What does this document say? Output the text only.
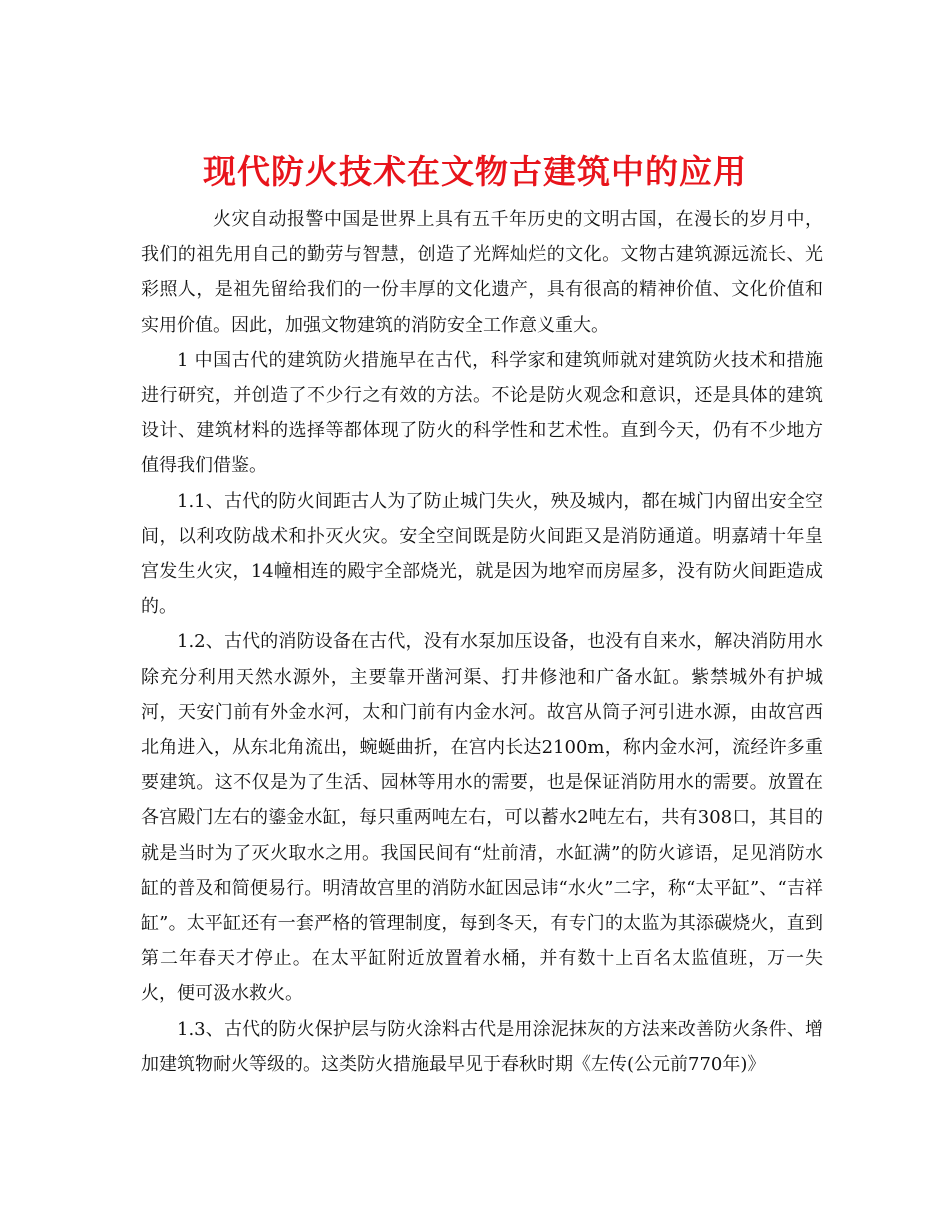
现代防火技术在文物古建筑中的应用

火灾自动报警中国是世界上具有五千年历史的文明古国，在漫长的岁月中，我们的祖先用自己的勤劳与智慧，创造了光辉灿烂的文化。文物古建筑源远流长、光彩照人，是祖先留给我们的一份丰厚的文化遗产，具有很高的精神价值、文化价值和实用价值。因此，加强文物建筑的消防安全工作意义重大。

1 中国古代的建筑防火措施早在古代，科学家和建筑师就对建筑防火技术和措施进行研究，并创造了不少行之有效的方法。不论是防火观念和意识，还是具体的建筑设计、建筑材料的选择等都体现了防火的科学性和艺术性。直到今天，仍有不少地方值得我们借鉴。

1.1、古代的防火间距古人为了防止城门失火，殃及城内，都在城门内留出安全空间，以利攻防战术和扑灭火灾。安全空间既是防火间距又是消防通道。明嘉靖十年皇宫发生火灾，14幢相连的殿宇全部烧光，就是因为地窄而房屋多，没有防火间距造成的。

1.2、古代的消防设备在古代，没有水泵加压设备，也没有自来水，解决消防用水除充分利用天然水源外，主要靠开凿河渠、打井修池和广备水缸。紫禁城外有护城河，天安门前有外金水河，太和门前有内金水河。故宫从筒子河引进水源，由故宫西北角进入，从东北角流出，蜿蜒曲折，在宫内长达2100m，称内金水河，流经许多重要建筑。这不仅是为了生活、园林等用水的需要，也是保证消防用水的需要。放置在各宫殿门左右的鎏金水缸，每只重两吨左右，可以蓄水2吨左右，共有308口，其目的就是当时为了灭火取水之用。我国民间有“灶前清，水缸满”的防火谚语，足见消防水缸的普及和简便易行。明清故宫里的消防水缸因忌讳“水火”二字，称“太平缸”、“吉祥缸”。太平缸还有一套严格的管理制度，每到冬天，有专门的太监为其添碳烧火，直到第二年春天才停止。在太平缸附近放置着水桶，并有数十上百名太监值班，万一失火，便可汲水救火。

1.3、古代的防火保护层与防火涂料古代是用涂泥抹灰的方法来改善防火条件、增加建筑物耐火等级的。这类防火措施最早见于春秋时期《左传(公元前770年)》
